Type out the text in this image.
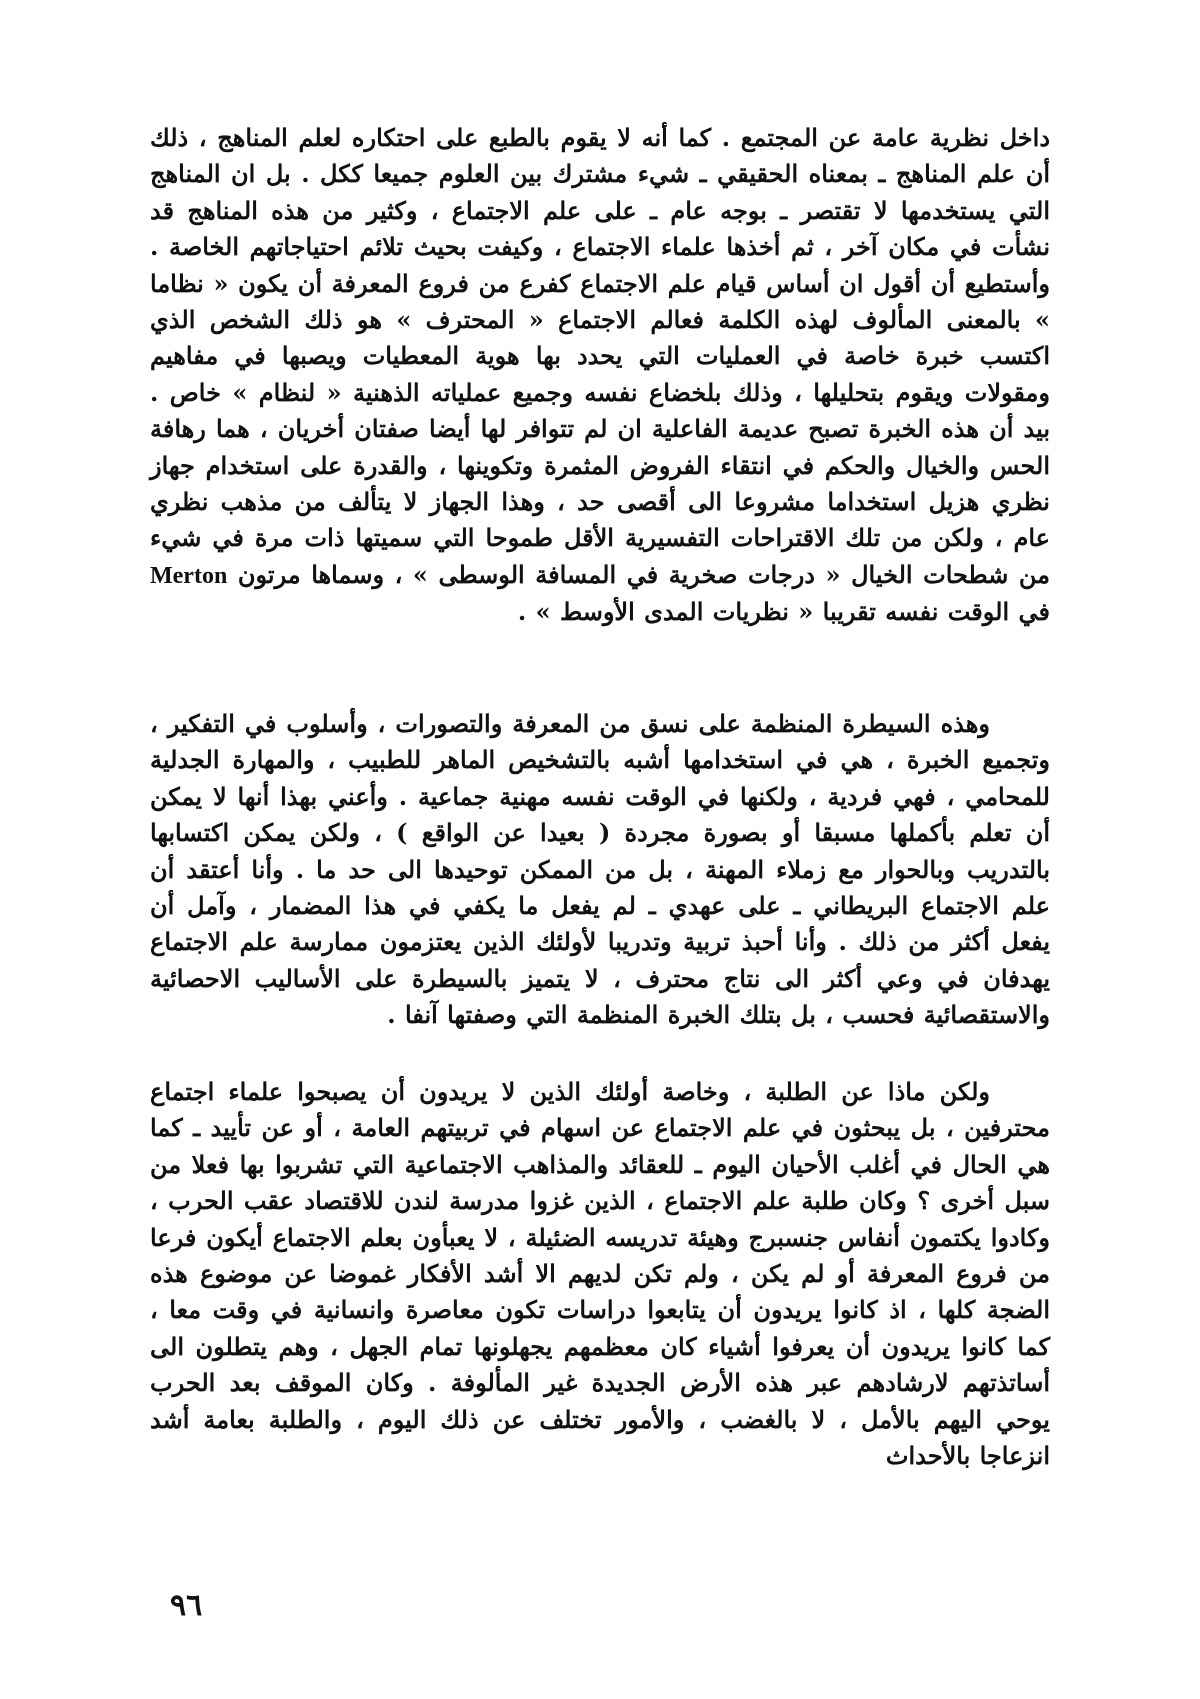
داخل نظرية عامة عن المجتمع . كما أنه لا يقوم بالطبع على احتكاره لعلم المناهج ، ذلك أن علم المناهج ـ بمعناه الحقيقي ـ شيء مشترك بين العلوم جميعا ككل . بل ان المناهج التي يستخدمها لا تقتصر ـ بوجه عام ـ على علم الاجتماع ، وكثير من هذه المناهج قد نشأت في مكان آخر ، ثم أخذها علماء الاجتماع ، وكيفت بحيث تلائم احتياجاتهم الخاصة . وأستطيع أن أقول ان أساس قيام علم الاجتماع كفرع من فروع المعرفة أن يكون « نظاما » بالمعنى المألوف لهذه الكلمة فعالم الاجتماع « المحترف » هو ذلك الشخص الذي اكتسب خبرة خاصة في العمليات التي يحدد بها هوية المعطيات ويصبها في مفاهيم ومقولات ويقوم بتحليلها ، وذلك بلخضاع نفسه وجميع عملياته الذهنية « لنظام » خاص . بيد أن هذه الخبرة تصبح عديمة الفاعلية ان لم تتوافر لها أيضا صفتان أخريان ، هما رهافة الحس والخيال والحكم في انتقاء الفروض المثمرة وتكوينها ، والقدرة على استخدام جهاز نظري هزيل استخداما مشروعا الى أقصى حد ، وهذا الجهاز لا يتألف من مذهب نظري عام ، ولكن من تلك الاقتراحات التفسيرية الأقل طموحا التي سميتها ذات مرة في شيء من شطحات الخيال « درجات صخرية في المسافة الوسطى » ، وسماها مرتون Merton في الوقت نفسه تقريبا « نظريات المدى الأوسط » .

وهذه السيطرة المنظمة على نسق من المعرفة والتصورات ، وأسلوب في التفكير ، وتجميع الخبرة ، هي في استخدامها أشبه بالتشخيص الماهر للطبيب ، والمهارة الجدلية للمحامي ، فهي فردية ، ولكنها في الوقت نفسه مهنية جماعية . وأعني بهذا أنها لا يمكن أن تعلم بأكملها مسبقا أو بصورة مجردة ( بعيدا عن الواقع ) ، ولكن يمكن اكتسابها بالتدريب وبالحوار مع زملاء المهنة ، بل من الممكن توحيدها الى حد ما . وأنا أعتقد أن علم الاجتماع البريطاني ـ على عهدي ـ لم يفعل ما يكفي في هذا المضمار ، وآمل أن يفعل أكثر من ذلك . وأنا أحبذ تربية وتدريبا لأولئك الذين يعتزمون ممارسة علم الاجتماع يهدفان في وعي أكثر الى نتاج محترف ، لا يتميز بالسيطرة على الأساليب الاحصائية والاستقصائية فحسب ، بل بتلك الخبرة المنظمة التي وصفتها آنفا .

ولكن ماذا عن الطلبة ، وخاصة أولئك الذين لا يريدون أن يصبحوا علماء اجتماع محترفين ، بل يبحثون في علم الاجتماع عن اسهام في تربيتهم العامة ، أو عن تأييد ـ كما هي الحال في أغلب الأحيان اليوم ـ للعقائد والمذاهب الاجتماعية التي تشربوا بها فعلا من سبل أخرى ؟ وكان طلبة علم الاجتماع ، الذين غزوا مدرسة لندن للاقتصاد عقب الحرب ، وكادوا يكتمون أنفاس جنسبرج وهيئة تدريسه الضئيلة ، لا يعبأون بعلم الاجتماع أيكون فرعا من فروع المعرفة أو لم يكن ، ولم تكن لديهم الا أشد الأفكار غموضا عن موضوع هذه الضجة كلها ، اذ كانوا يريدون أن يتابعوا دراسات تكون معاصرة وانسانية في وقت معا ، كما كانوا يريدون أن يعرفوا أشياء كان معظمهم يجهلونها تمام الجهل ، وهم يتطلون الى أساتذتهم لارشادهم عبر هذه الأرض الجديدة غير المألوفة . وكان الموقف بعد الحرب يوحي اليهم بالأمل ، لا بالغضب ، والأمور تختلف عن ذلك اليوم ، والطلبة بعامة أشد انزعاجا بالأحداث

٩٦
